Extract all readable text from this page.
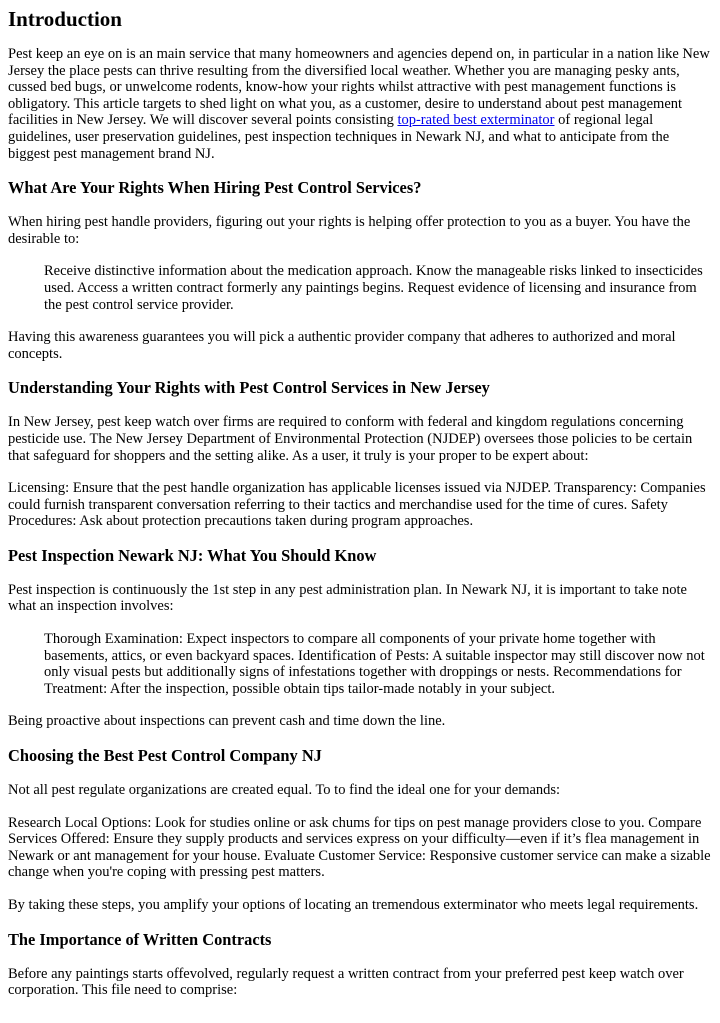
Introduction

Pest keep an eye on is an main service that many homeowners and agencies depend on, in particular in a nation like New Jersey the place pests can thrive resulting from the diversified local weather. Whether you are managing pesky ants, cussed bed bugs, or unwelcome rodents, know-how your rights whilst attractive with pest management functions is obligatory. This article targets to shed light on what you, as a customer, desire to understand about pest management facilities in New Jersey. We will discover several points consisting top-rated best exterminator of regional legal guidelines, user preservation guidelines, pest inspection techniques in Newark NJ, and what to anticipate from the biggest pest management brand NJ.

What Are Your Rights When Hiring Pest Control Services?

When hiring pest handle providers, figuring out your rights is helping offer protection to you as a buyer. You have the desirable to:

Receive distinctive information about the medication approach. Know the manageable risks linked to insecticides used. Access a written contract formerly any paintings begins. Request evidence of licensing and insurance from the pest control service provider.

Having this awareness guarantees you will pick a authentic provider company that adheres to authorized and moral concepts.

Understanding Your Rights with Pest Control Services in New Jersey

In New Jersey, pest keep watch over firms are required to conform with federal and kingdom regulations concerning pesticide use. The New Jersey Department of Environmental Protection (NJDEP) oversees those policies to be certain that safeguard for shoppers and the setting alike. As a user, it truly is your proper to be expert about:

Licensing: Ensure that the pest handle organization has applicable licenses issued via NJDEP. Transparency: Companies could furnish transparent conversation referring to their tactics and merchandise used for the time of cures. Safety Procedures: Ask about protection precautions taken during program approaches.

Pest Inspection Newark NJ: What You Should Know

Pest inspection is continuously the 1st step in any pest administration plan. In Newark NJ, it is important to take note what an inspection involves:

Thorough Examination: Expect inspectors to compare all components of your private home together with basements, attics, or even backyard spaces. Identification of Pests: A suitable inspector may still discover now not only visual pests but additionally signs of infestations together with droppings or nests. Recommendations for Treatment: After the inspection, possible obtain tips tailor-made notably in your subject.

Being proactive about inspections can prevent cash and time down the line.

Choosing the Best Pest Control Company NJ

Not all pest regulate organizations are created equal. To to find the ideal one for your demands:

Research Local Options: Look for studies online or ask chums for tips on pest manage providers close to you. Compare Services Offered: Ensure they supply products and services express on your difficulty—even if it’s flea management in Newark or ant management for your house. Evaluate Customer Service: Responsive customer service can make a sizable change when you're coping with pressing pest matters.

By taking these steps, you amplify your options of locating an tremendous exterminator who meets legal requirements.

The Importance of Written Contracts

Before any paintings starts offevolved, regularly request a written contract from your preferred pest keep watch over corporation. This file need to comprise:
